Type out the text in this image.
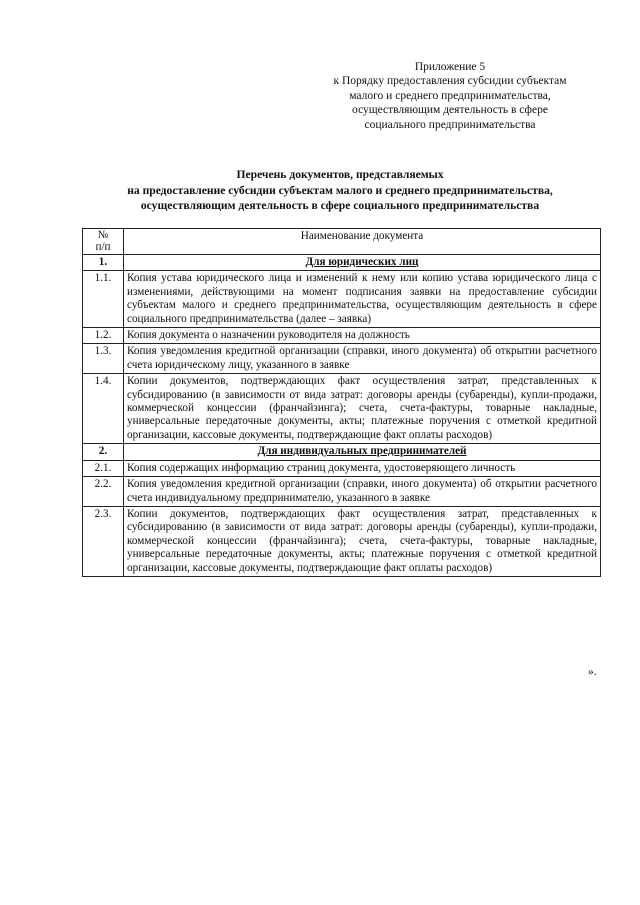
Приложение 5
к Порядку предоставления субсидии субъектам
малого и среднего предпринимательства,
осуществляющим деятельность в сфере
социального предпринимательства
Перечень документов, представляемых
на предоставление субсидии субъектам малого и среднего предпринимательства,
осуществляющим деятельность в сфере социального предпринимательства
№
п/п	Наименование документа
1.	Для юридических лиц
1.1.	Копия устава юридического лица и изменений к нему или копию устава юридического лица с изменениями, действующими на момент подписания заявки на предоставление субсидии субъектам малого и среднего предпринимательства, осуществляющим деятельность в сфере социального предпринимательства (далее – заявка)
1.2.	Копия документа о назначении руководителя на должность
1.3.	Копия уведомления кредитной организации (справки, иного документа) об открытии расчетного счета юридическому лицу, указанного в заявке
1.4.	Копии документов, подтверждающих факт осуществления затрат, представленных к субсидированию (в зависимости от вида затрат: договоры аренды (субаренды), купли-продажи, коммерческой концессии (франчайзинга); счета, счета-фактуры, товарные накладные, универсальные передаточные документы, акты; платежные поручения с отметкой кредитной организации, кассовые документы, подтверждающие факт оплаты расходов)
2.	Для индивидуальных предпринимателей
2.1.	Копия содержащих информацию страниц документа, удостоверяющего личность
2.2.	Копия уведомления кредитной организации (справки, иного документа) об открытии расчетного счета индивидуальному предпринимателю, указанного в заявке
2.3.	Копии документов, подтверждающих факт осуществления затрат, представленных к субсидированию (в зависимости от вида затрат: договоры аренды (субаренды), купли-продажи, коммерческой концессии (франчайзинга); счета, счета-фактуры, товарные накладные, универсальные передаточные документы, акты; платежные поручения с отметкой кредитной организации, кассовые документы, подтверждающие факт оплаты расходов)
».
